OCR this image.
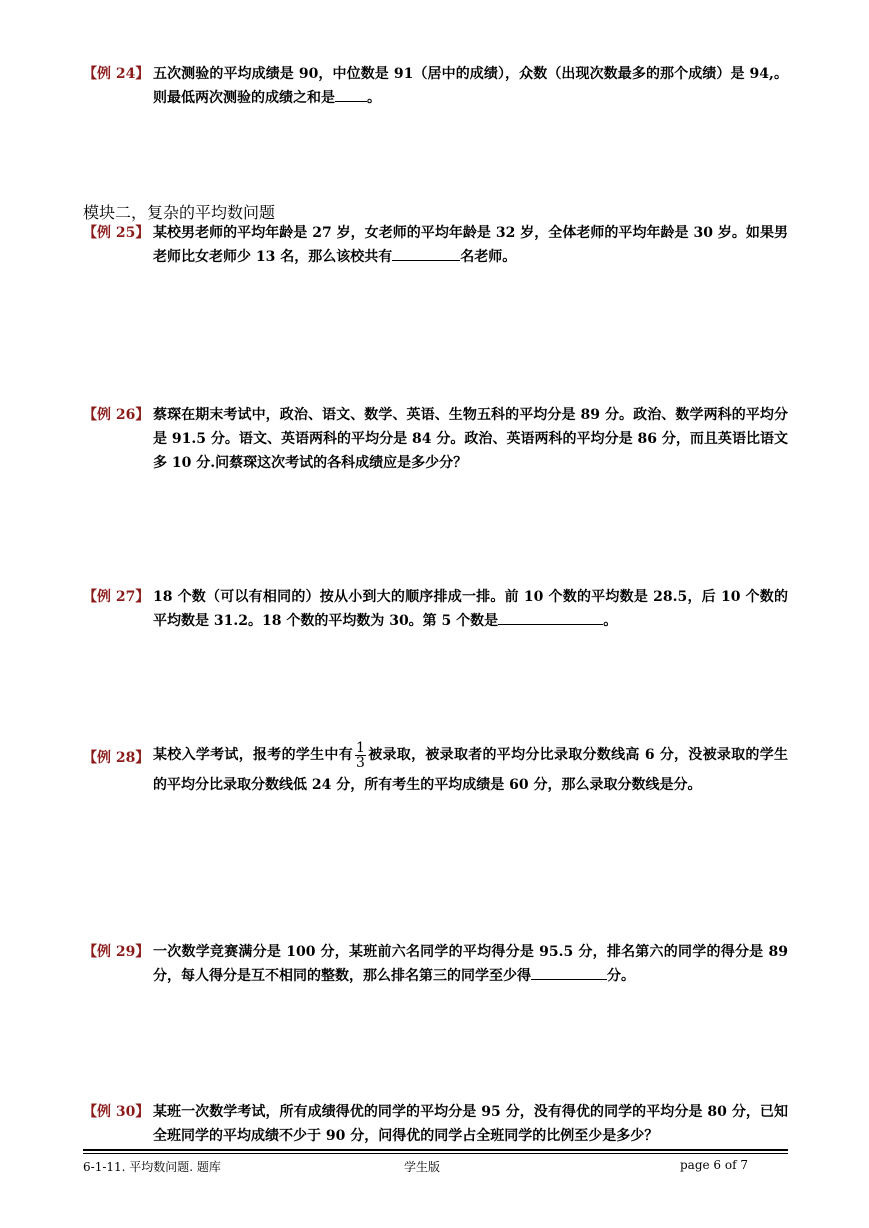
【例 24】 五次测验的平均成绩是 90，中位数是 91（居中的成绩），众数（出现次数最多的那个成绩）是 94,。则最低两次测验的成绩之和是 。
模块二，复杂的平均数问题
【例 25】 某校男老师的平均年龄是 27 岁，女老师的平均年龄是 32 岁，全体老师的平均年龄是 30 岁。如果男老师比女老师少 13 名，那么该校共有	名老师。
【例 26】 蔡琛在期末考试中，政治、语文、数学、英语、生物五科的平均分是 89 分。政治、数学两科的平均分是 91.5 分。语文、英语两科的平均分是 84 分。政治、英语两科的平均分是 86 分，而且英语比语文多 10 分.问蔡琛这次考试的各科成绩应是多少分？
【例 27】 18 个数（可以有相同的）按从小到大的顺序排成一排。前 10 个数的平均数是 28.5，后 10 个数的平均数是 31.2。18 个数的平均数为 30。第 5 个数是	。
【例 28】 某校入学考试，报考的学生中有 $\frac{1}{3}$ 被录取，被录取者的平均分比录取分数线高 6 分，没被录取的学生的平均分比录取分数线低 24 分，所有考生的平均成绩是 60 分，那么录取分数线是分。
【例 29】 一次数学竞赛满分是 100 分，某班前六名同学的平均得分是 95.5 分，排名第六的同学的得分是 89 分，每人得分是互不相同的整数，那么排名第三的同学至少得	分。
【例 30】 某班一次数学考试，所有成绩得优的同学的平均分是 95 分，没有得优的同学的平均分是 80 分，已知全班同学的平均成绩不少于 90 分，问得优的同学占全班同学的比例至少是多少？
6-1-11. 平均数问题. 题库	学生版	page 6 of 7
